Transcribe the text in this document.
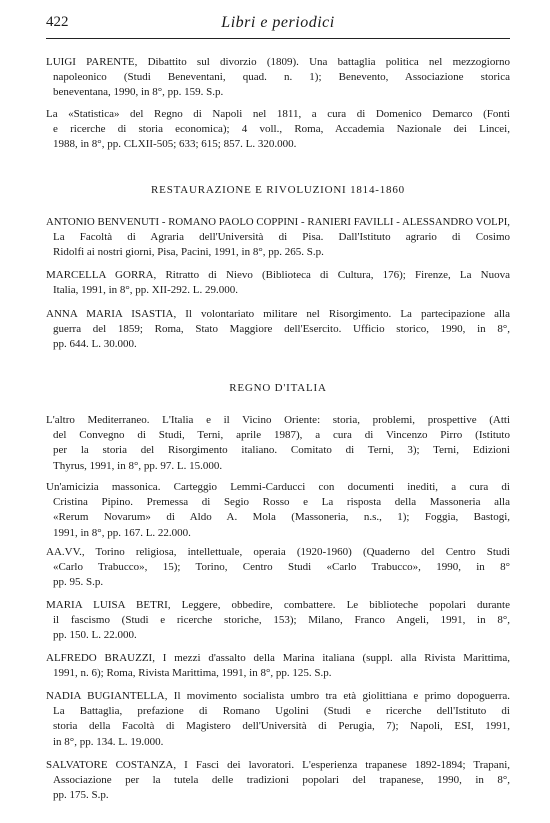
422	Libri e periodici
LUIGI PARENTE, Dibattito sul divorzio (1809). Una battaglia politica nel mezzogiorno
napoleonico (Studi Beneventani, quad. n. 1); Benevento, Associazione storica
beneventana, 1990, in 8°, pp. 159. S.p.
La «Statistica» del Regno di Napoli nel 1811, a cura di Domenico Demarco (Fonti
e ricerche di storia economica); 4 voll., Roma, Accademia Nazionale dei Lincei,
1988, in 8°, pp. CLXII-505; 633; 615; 857. L. 320.000.
RESTAURAZIONE E RIVOLUZIONI 1814-1860
ANTONIO BENVENUTI - ROMANO PAOLO COPPINI - RANIERI FAVILLI - ALESSANDRO VOLPI,
La Facoltà di Agraria dell'Università di Pisa. Dall'Istituto agrario di Cosimo
Ridolfi ai nostri giorni, Pisa, Pacini, 1991, in 8°, pp. 265. S.p.
MARCELLA GORRA, Ritratto di Nievo (Biblioteca di Cultura, 176); Firenze, La Nuova
Italia, 1991, in 8°, pp. XII-292. L. 29.000.
ANNA MARIA ISASTIA, Il volontariato militare nel Risorgimento. La partecipazione alla
guerra del 1859; Roma, Stato Maggiore dell'Esercito. Ufficio storico, 1990, in 8°,
pp. 644. L. 30.000.
REGNO D'ITALIA
L'altro Mediterraneo. L'Italia e il Vicino Oriente: storia, problemi, prospettive (Atti
del Convegno di Studi, Terni, aprile 1987), a cura di Vincenzo Pirro (Istituto
per la storia del Risorgimento italiano. Comitato di Terni, 3); Terni, Edizioni
Thyrus, 1991, in 8°, pp. 97. L. 15.000.
Un'amicizia massonica. Carteggio Lemmi-Carducci con documenti inediti, a cura di
Cristina Pipino. Premessa di Segio Rosso e La risposta della Massoneria alla
«Rerum Novarum» di Aldo A. Mola (Massoneria, n.s., 1); Foggia, Bastogi,
1991, in 8°, pp. 167. L. 22.000.
AA.VV., Torino religiosa, intellettuale, operaia (1920-1960) (Quaderno del Centro Studi
«Carlo Trabucco», 15); Torino, Centro Studi «Carlo Trabucco», 1990, in 8°
pp. 95. S.p.
MARIA LUISA BETRI, Leggere, obbedire, combattere. Le biblioteche popolari durante
il fascismo (Studi e ricerche storiche, 153); Milano, Franco Angeli, 1991, in 8°,
pp. 150. L. 22.000.
ALFREDO BRAUZZI, I mezzi d'assalto della Marina italiana (suppl. alla Rivista Marittima,
1991, n. 6); Roma, Rivista Marittima, 1991, in 8°, pp. 125. S.p.
NADIA BUGIANTELLA, Il movimento socialista umbro tra età giolittiana e primo dopoguerra.
La Battaglia, prefazione di Romano Ugolini (Studi e ricerche dell'Istituto di
storia della Facoltà di Magistero dell'Università di Perugia, 7); Napoli, ESI, 1991,
in 8°, pp. 134. L. 19.000.
SALVATORE COSTANZA, I Fasci dei lavoratori. L'esperienza trapanese 1892-1894; Trapani,
Associazione per la tutela delle tradizioni popolari del trapanese, 1990, in 8°,
pp. 175. S.p.
